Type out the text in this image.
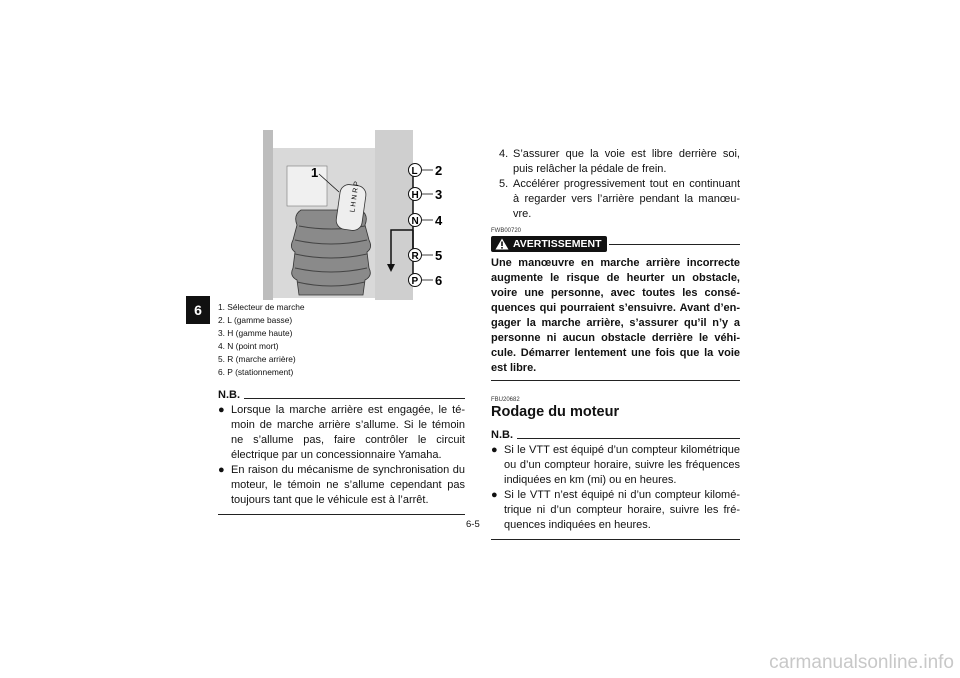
6
L H N R P
L
H
N
R
P
1	2
3
4
5
6
1. Sélecteur de marche
2. L (gamme basse)
3. H (gamme haute)
4. N (point mort)
5. R (marche arrière)
6. P (stationnement)
N.B.
● Lorsque la marche arrière est engagée, le té-moin de marche arrière s’allume. Si le témoin ne s’allume pas, faire contrôler le circuit électrique par un concessionnaire Yamaha.
● En raison du mécanisme de synchronisation du moteur, le témoin ne s’allume cependant pas toujours tant que le véhicule est à l’arrêt.
4. S’assurer que la voie est libre derrière soi, puis relâcher la pédale de frein.
5. Accélérer progressivement tout en continuant à regarder vers l’arrière pendant la manœu-vre.
FWB00720
AVERTISSEMENT
Une manœuvre en marche arrière incorrecte augmente le risque de heurter un obstacle, voire une personne, avec toutes les consé-quences qui pourraient s’ensuivre. Avant d’en-gager la marche arrière, s’assurer qu’il n’y a personne ni aucun obstacle derrière le véhi-cule. Démarrer lentement une fois que la voie est libre.
FBU20682
Rodage du moteur
N.B.
● Si le VTT est équipé d’un compteur kilométrique ou d’un compteur horaire, suivre les fréquences indiquées en km (mi) ou en heures.
● Si le VTT n’est équipé ni d’un compteur kilomé-trique ni d’un compteur horaire, suivre les fré-quences indiquées en heures.
6-5
carmanualsonline.info
